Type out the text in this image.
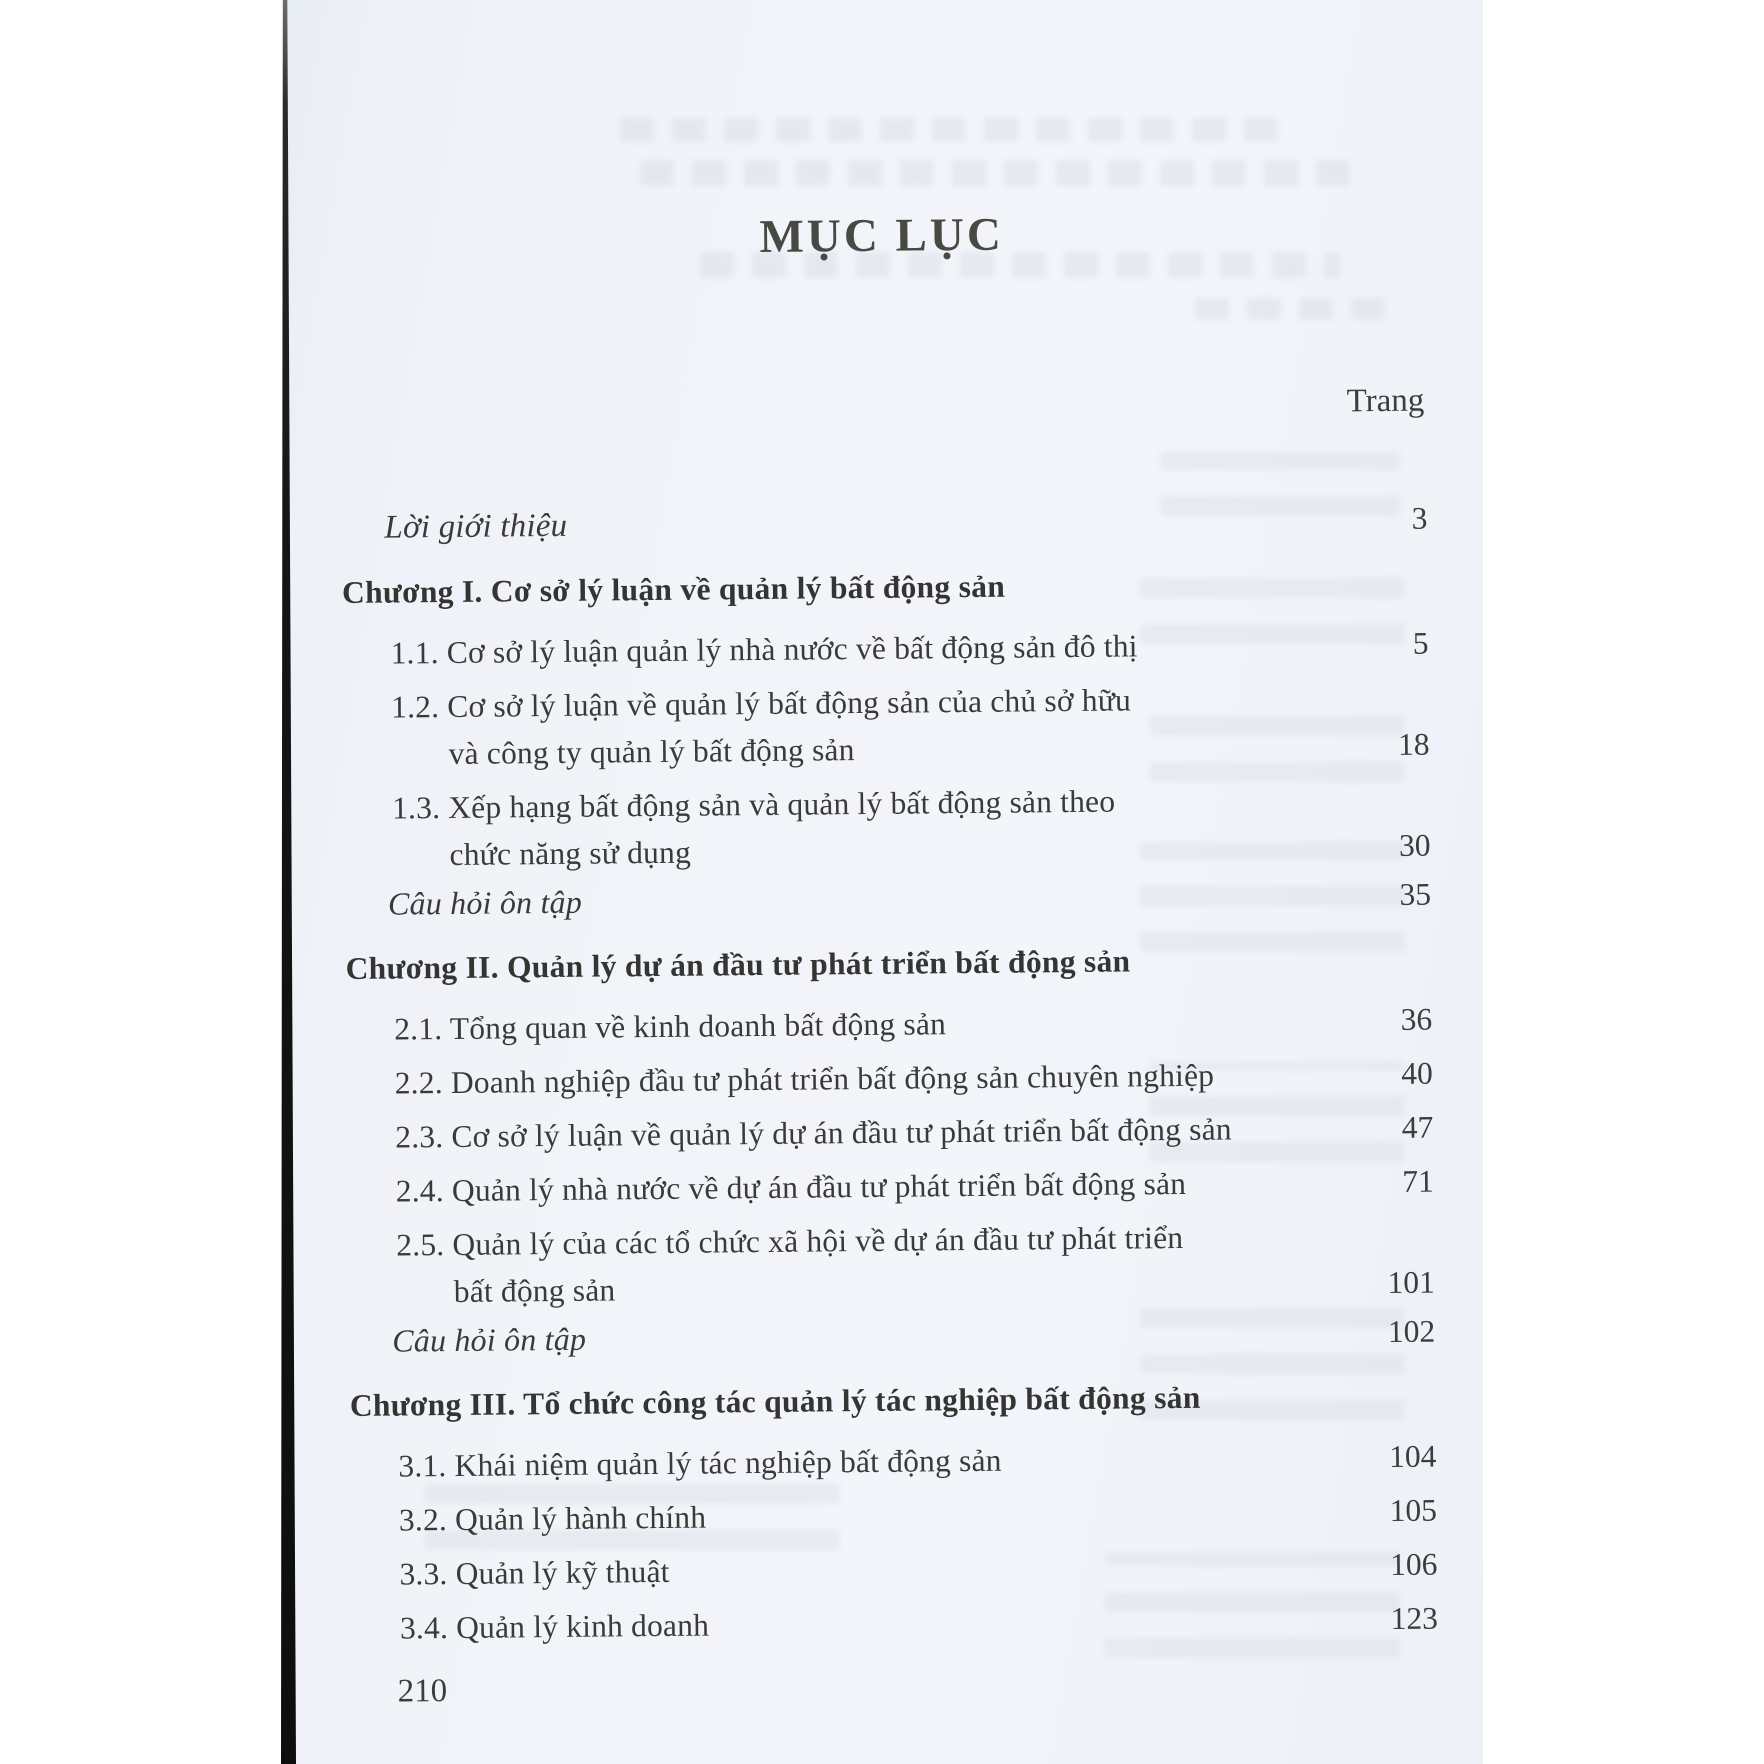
MỤC LỤC
Trang
Lời giới thiệu	3
Chương I. Cơ sở lý luận về quản lý bất động sản
1.1. Cơ sở lý luận quản lý nhà nước về bất động sản đô thị	5
1.2. Cơ sở lý luận về quản lý bất động sản của chủ sở hữu
và công ty quản lý bất động sản	18
1.3. Xếp hạng bất động sản và quản lý bất động sản theo
chức năng sử dụng	30
Câu hỏi ôn tập	35
Chương II. Quản lý dự án đầu tư phát triển bất động sản
2.1. Tổng quan về kinh doanh bất động sản	36
2.2. Doanh nghiệp đầu tư phát triển bất động sản chuyên nghiệp	40
2.3. Cơ sở lý luận về quản lý dự án đầu tư phát triển bất động sản	47
2.4. Quản lý nhà nước về dự án đầu tư phát triển bất động sản	71
2.5. Quản lý của các tổ chức xã hội về dự án đầu tư phát triển
bất động sản	101
Câu hỏi ôn tập	102
Chương III. Tổ chức công tác quản lý tác nghiệp bất động sản
3.1. Khái niệm quản lý tác nghiệp bất động sản	104
3.2. Quản lý hành chính	105
3.3. Quản lý kỹ thuật	106
3.4. Quản lý kinh doanh	123
210
